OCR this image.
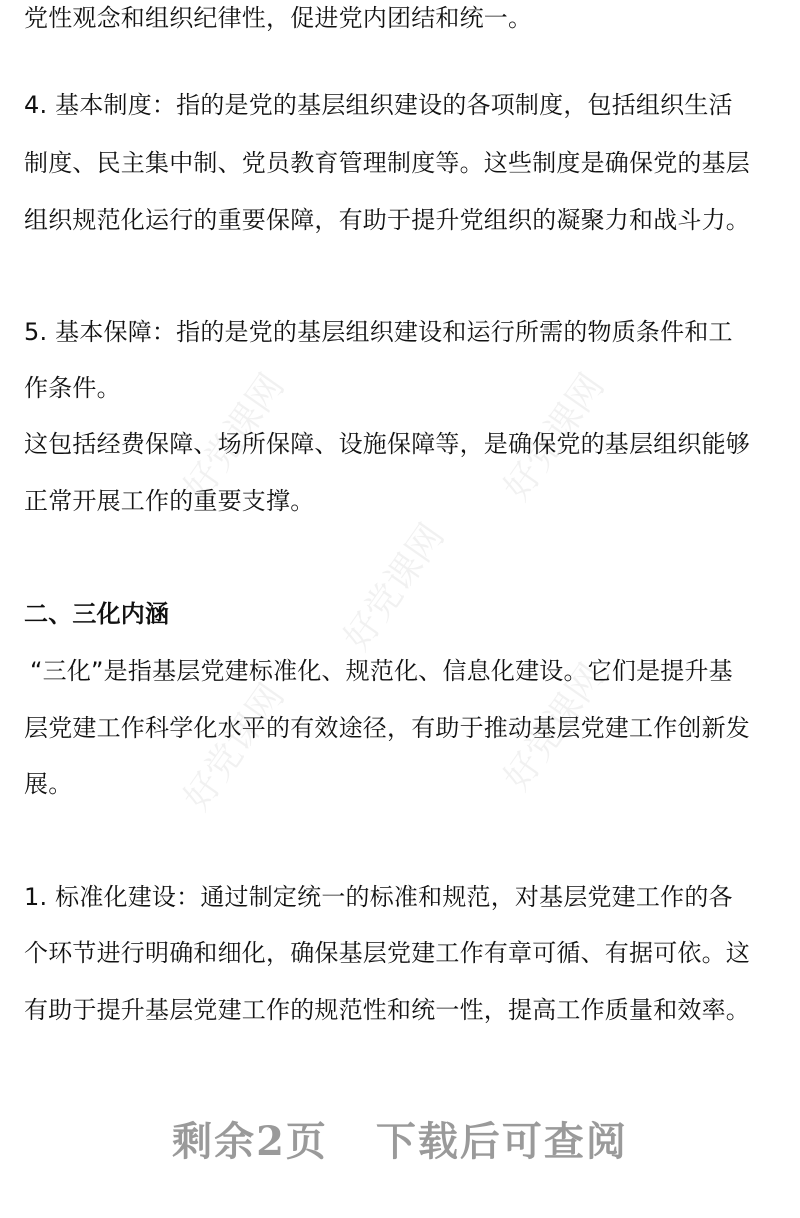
好党课网	好党课网
好党课网
好党课网	好党课网
党性观念和组织纪律性，促进党内团结和统一。
4. 基本制度：指的是党的基层组织建设的各项制度，包括组织生活
制度、民主集中制、党员教育管理制度等。这些制度是确保党的基层
组织规范化运行的重要保障，有助于提升党组织的凝聚力和战斗力。
5. 基本保障：指的是党的基层组织建设和运行所需的物质条件和工
作条件。
这包括经费保障、场所保障、设施保障等，是确保党的基层组织能够
正常开展工作的重要支撑。
二、三化内涵
“三化”是指基层党建标准化、规范化、信息化建设。它们是提升基
层党建工作科学化水平的有效途径，有助于推动基层党建工作创新发
展。
1. 标准化建设：通过制定统一的标准和规范，对基层党建工作的各
个环节进行明确和细化，确保基层党建工作有章可循、有据可依。这
有助于提升基层党建工作的规范性和统一性，提高工作质量和效率。
剩余2页 下载后可查阅
